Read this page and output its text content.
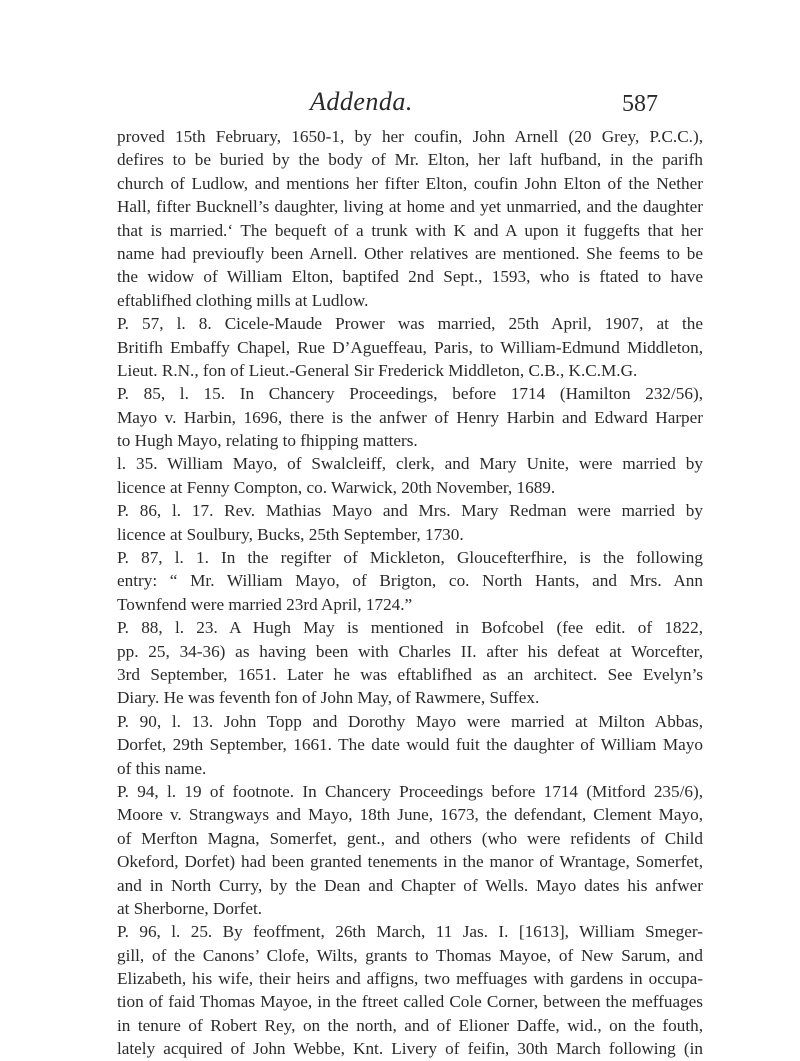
Addenda.	587
proved 15th February, 1650-1, by her coufin, John Arnell (20 Grey, P.C.C.),
defires to be buried by the body of Mr. Elton, her laft hufband, in the parifh
church of Ludlow, and mentions her fifter Elton, coufin John Elton of the Nether
Hall, fifter Bucknell’s daughter, living at home and yet unmarried, and the daughter
that is married.‘ The bequeft of a trunk with K and A upon it fuggefts that her
name had previoufly been Arnell. Other relatives are mentioned. She feems to be
the widow of William Elton, baptifed 2nd Sept., 1593, who is ftated to have
eftablifhed clothing mills at Ludlow.
P. 57, l. 8. Cicele-Maude Prower was married, 25th April, 1907, at the
Britifh Embaffy Chapel, Rue D’Agueffeau, Paris, to William-Edmund Middleton,
Lieut. R.N., fon of Lieut.-General Sir Frederick Middleton, C.B., K.C.M.G.
P. 85, l. 15. In Chancery Proceedings, before 1714 (Hamilton 232/56),
Mayo v. Harbin, 1696, there is the anfwer of Henry Harbin and Edward Harper
to Hugh Mayo, relating to fhipping matters.
l. 35. William Mayo, of Swalcleiff, clerk, and Mary Unite, were married by
licence at Fenny Compton, co. Warwick, 20th November, 1689.
P. 86, l. 17. Rev. Mathias Mayo and Mrs. Mary Redman were married by
licence at Soulbury, Bucks, 25th September, 1730.
P. 87, l. 1. In the regifter of Mickleton, Gloucefterfhire, is the following
entry: “ Mr. William Mayo, of Brigton, co. North Hants, and Mrs. Ann
Townfend were married 23rd April, 1724.”
P. 88, l. 23. A Hugh May is mentioned in Bofcobel (fee edit. of 1822,
pp. 25, 34-36) as having been with Charles II. after his defeat at Worcefter,
3rd September, 1651. Later he was eftablifhed as an architect. See Evelyn’s
Diary. He was feventh fon of John May, of Rawmere, Suffex.
P. 90, l. 13. John Topp and Dorothy Mayo were married at Milton Abbas,
Dorfet, 29th September, 1661. The date would fuit the daughter of William Mayo
of this name.
P. 94, l. 19 of footnote. In Chancery Proceedings before 1714 (Mitford 235/6),
Moore v. Strangways and Mayo, 18th June, 1673, the defendant, Clement Mayo,
of Merfton Magna, Somerfet, gent., and others (who were refidents of Child
Okeford, Dorfet) had been granted tenements in the manor of Wrantage, Somerfet,
and in North Curry, by the Dean and Chapter of Wells. Mayo dates his anfwer
at Sherborne, Dorfet.
P. 96, l. 25. By feoffment, 26th March, 11 Jas. I. [1613], William Smeger-
gill, of the Canons’ Clofe, Wilts, grants to Thomas Mayoe, of New Sarum, and
Elizabeth, his wife, their heirs and affigns, two meffuages with gardens in occupa-
tion of faid Thomas Mayoe, in the ftreet called Cole Corner, between the meffuages
in tenure of Robert Rey, on the north, and of Elioner Daffe, wid., on the fouth,
lately acquired of John Webbe, Knt. Livery of feifin, 30th March following (in
